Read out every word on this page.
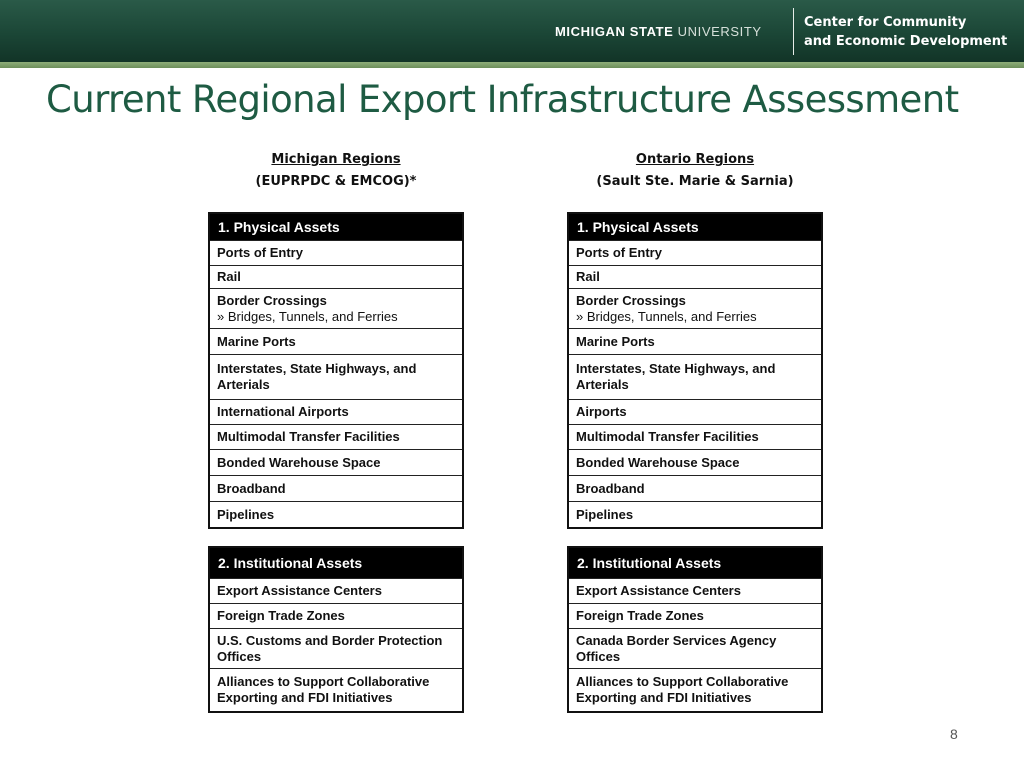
MICHIGAN STATE UNIVERSITY
Center for Community
and Economic Development
Current Regional Export Infrastructure Assessment
Michigan Regions
(EUPRPDC & EMCOG)*
Ontario Regions
(Sault Ste. Marie & Sarnia)
1. Physical Assets
Ports of Entry
Rail
Border Crossings
» Bridges, Tunnels, and Ferries
Marine Ports
Interstates, State Highways, and Arterials
International Airports
Multimodal Transfer Facilities
Bonded Warehouse Space
Broadband
Pipelines
1. Physical Assets
Ports of Entry
Rail
Border Crossings
» Bridges, Tunnels, and Ferries
Marine Ports
Interstates, State Highways, and Arterials
Airports
Multimodal Transfer Facilities
Bonded Warehouse Space
Broadband
Pipelines
2. Institutional Assets
Export Assistance Centers
Foreign Trade Zones
U.S. Customs and Border Protection Offices
Alliances to Support Collaborative Exporting and FDI Initiatives
2. Institutional Assets
Export Assistance Centers
Foreign Trade Zones
Canada Border Services Agency Offices
Alliances to Support Collaborative Exporting and FDI Initiatives
8
